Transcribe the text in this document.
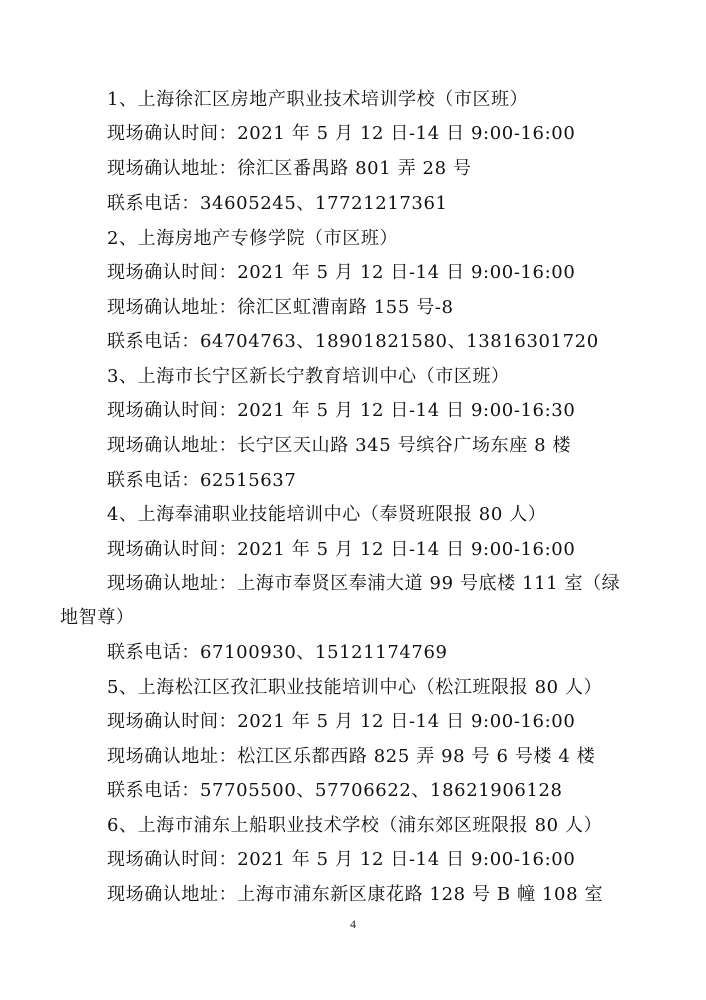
1、上海徐汇区房地产职业技术培训学校（市区班）
现场确认时间：2021 年 5 月 12 日-14 日 9:00-16:00
现场确认地址：徐汇区番禺路 801 弄 28 号
联系电话：34605245、17721217361
2、上海房地产专修学院（市区班）
现场确认时间：2021 年 5 月 12 日-14 日 9:00-16:00
现场确认地址：徐汇区虹漕南路 155 号-8
联系电话：64704763、18901821580、13816301720
3、上海市长宁区新长宁教育培训中心（市区班）
现场确认时间：2021 年 5 月 12 日-14 日 9:00-16:30
现场确认地址：长宁区天山路 345 号缤谷广场东座 8 楼
联系电话：62515637
4、上海奉浦职业技能培训中心（奉贤班限报 80 人）
现场确认时间：2021 年 5 月 12 日-14 日 9:00-16:00
现场确认地址：上海市奉贤区奉浦大道 99 号底楼 111 室（绿
地智尊）
联系电话：67100930、15121174769
5、上海松江区孜汇职业技能培训中心（松江班限报 80 人）
现场确认时间：2021 年 5 月 12 日-14 日 9:00-16:00
现场确认地址：松江区乐都西路 825 弄 98 号 6 号楼 4 楼
联系电话：57705500、57706622、18621906128
6、上海市浦东上船职业技术学校（浦东郊区班限报 80 人）
现场确认时间：2021 年 5 月 12 日-14 日 9:00-16:00
现场确认地址：上海市浦东新区康花路 128 号 B 幢 108 室
4
